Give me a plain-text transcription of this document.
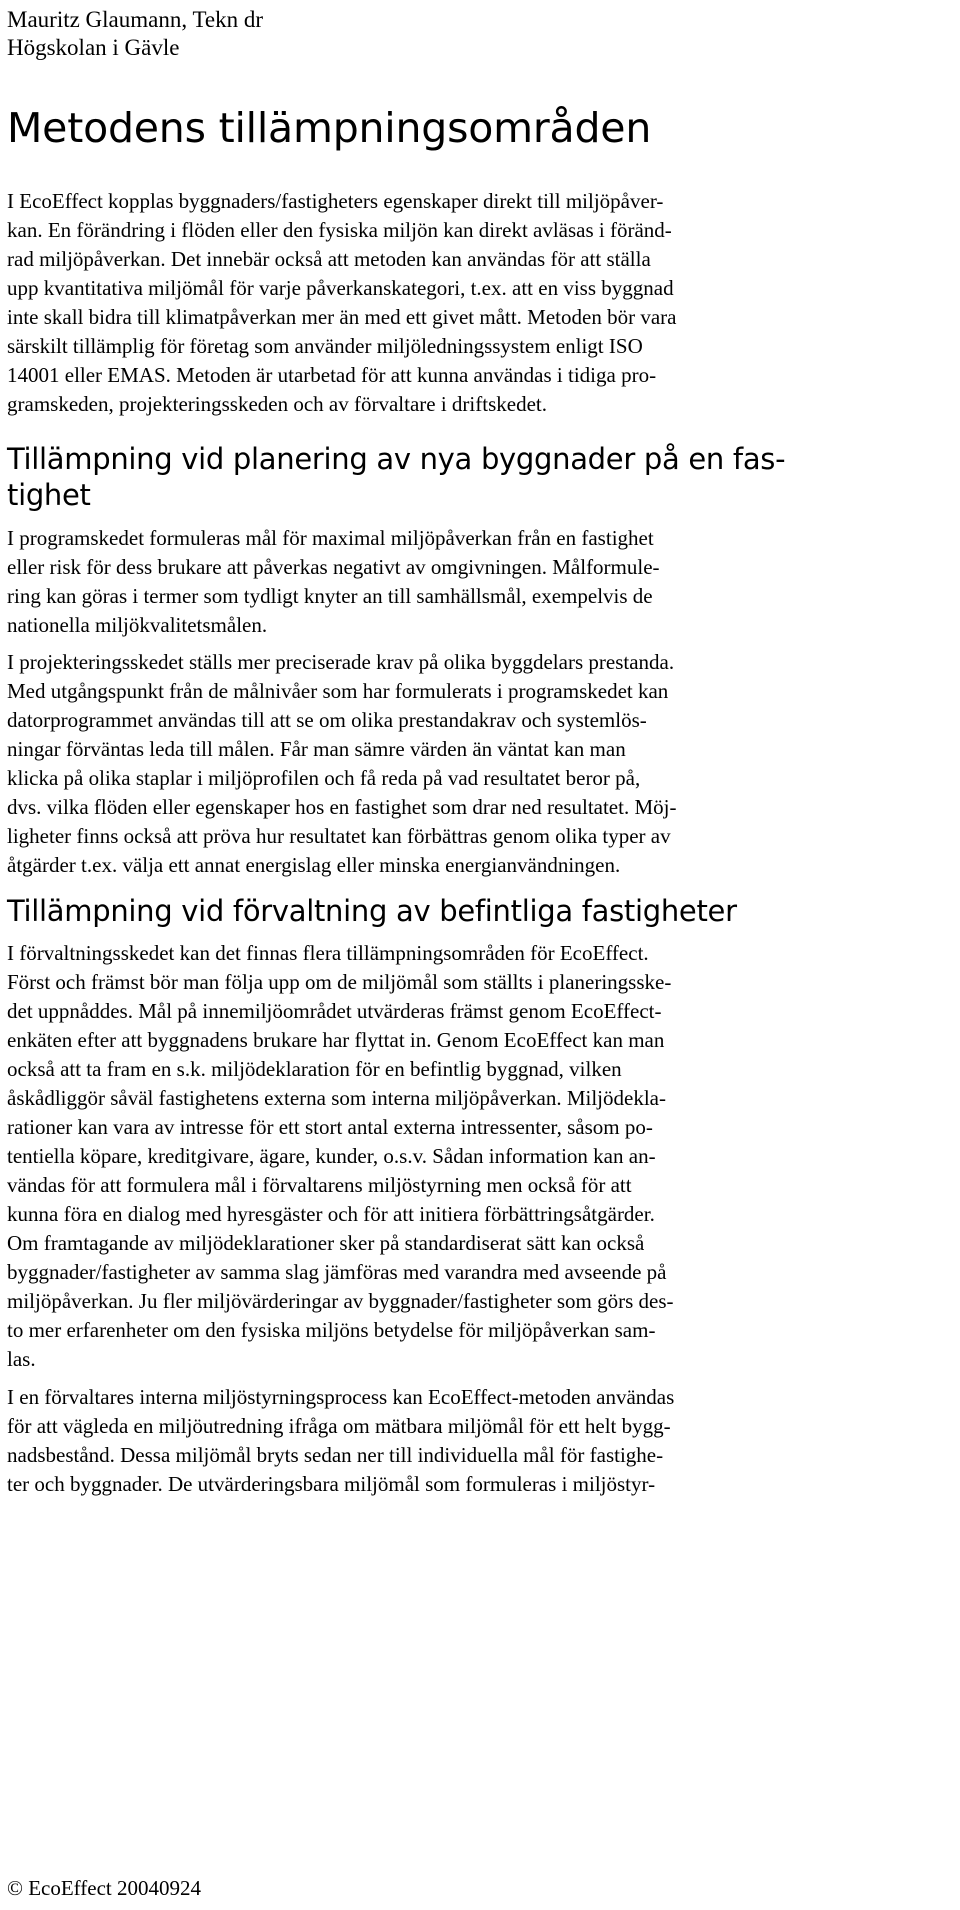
Mauritz Glaumann, Tekn dr
Högskolan i Gävle
Metodens tillämpningsområden

I EcoEffect kopplas byggnaders/fastigheters egenskaper direkt till miljöpåver-
kan. En förändring i flöden eller den fysiska miljön kan direkt avläsas i föränd-
rad miljöpåverkan. Det innebär också att metoden kan användas för att ställa
upp kvantitativa miljömål för varje påverkanskategori, t.ex. att en viss byggnad
inte skall bidra till klimatpåverkan mer än med ett givet mått. Metoden bör vara
särskilt tillämplig för företag som använder miljöledningssystem enligt ISO
14001 eller EMAS. Metoden är utarbetad för att kunna användas i tidiga pro-
gramskeden, projekteringsskeden och av förvaltare i driftskedet.

Tillämpning vid planering av nya byggnader på en fas-
tighet

I programskedet formuleras mål för maximal miljöpåverkan från en fastighet
eller risk för dess brukare att påverkas negativt av omgivningen. Målformule-
ring kan göras i termer som tydligt knyter an till samhällsmål, exempelvis de
nationella miljökvalitetsmålen.

I projekteringsskedet ställs mer preciserade krav på olika byggdelars prestanda.
Med utgångspunkt från de målnivåer som har formulerats i programskedet kan
datorprogrammet användas till att se om olika prestandakrav och systemlös-
ningar förväntas leda till målen. Får man sämre värden än väntat kan man
klicka på olika staplar i miljöprofilen och få reda på vad resultatet beror på,
dvs. vilka flöden eller egenskaper hos en fastighet som drar ned resultatet. Möj-
ligheter finns också att pröva hur resultatet kan förbättras genom olika typer av
åtgärder t.ex. välja ett annat energislag eller minska energianvändningen.

Tillämpning vid förvaltning av befintliga fastigheter

I förvaltningsskedet kan det finnas flera tillämpningsområden för EcoEffect.
Först och främst bör man följa upp om de miljömål som ställts i planeringsske-
det uppnåddes. Mål på innemiljöområdet utvärderas främst genom EcoEffect-
enkäten efter att byggnadens brukare har flyttat in. Genom EcoEffect kan man
också att ta fram en s.k. miljödeklaration för en befintlig byggnad, vilken
åskådliggör såväl fastighetens externa som interna miljöpåverkan. Miljödekla-
rationer kan vara av intresse för ett stort antal externa intressenter, såsom po-
tentiella köpare, kreditgivare, ägare, kunder, o.s.v. Sådan information kan an-
vändas för att formulera mål i förvaltarens miljöstyrning men också för att
kunna föra en dialog med hyresgäster och för att initiera förbättringsåtgärder.
Om framtagande av miljödeklarationer sker på standardiserat sätt kan också
byggnader/fastigheter av samma slag jämföras med varandra med avseende på
miljöpåverkan. Ju fler miljövärderingar av byggnader/fastigheter som görs des-
to mer erfarenheter om den fysiska miljöns betydelse för miljöpåverkan sam-
las.

I en förvaltares interna miljöstyrningsprocess kan EcoEffect-metoden användas
för att vägleda en miljöutredning ifråga om mätbara miljömål för ett helt bygg-
nadsbestånd. Dessa miljömål bryts sedan ner till individuella mål för fastighe-
ter och byggnader. De utvärderingsbara miljömål som formuleras i miljöstyr-

© EcoEffect 20040924
